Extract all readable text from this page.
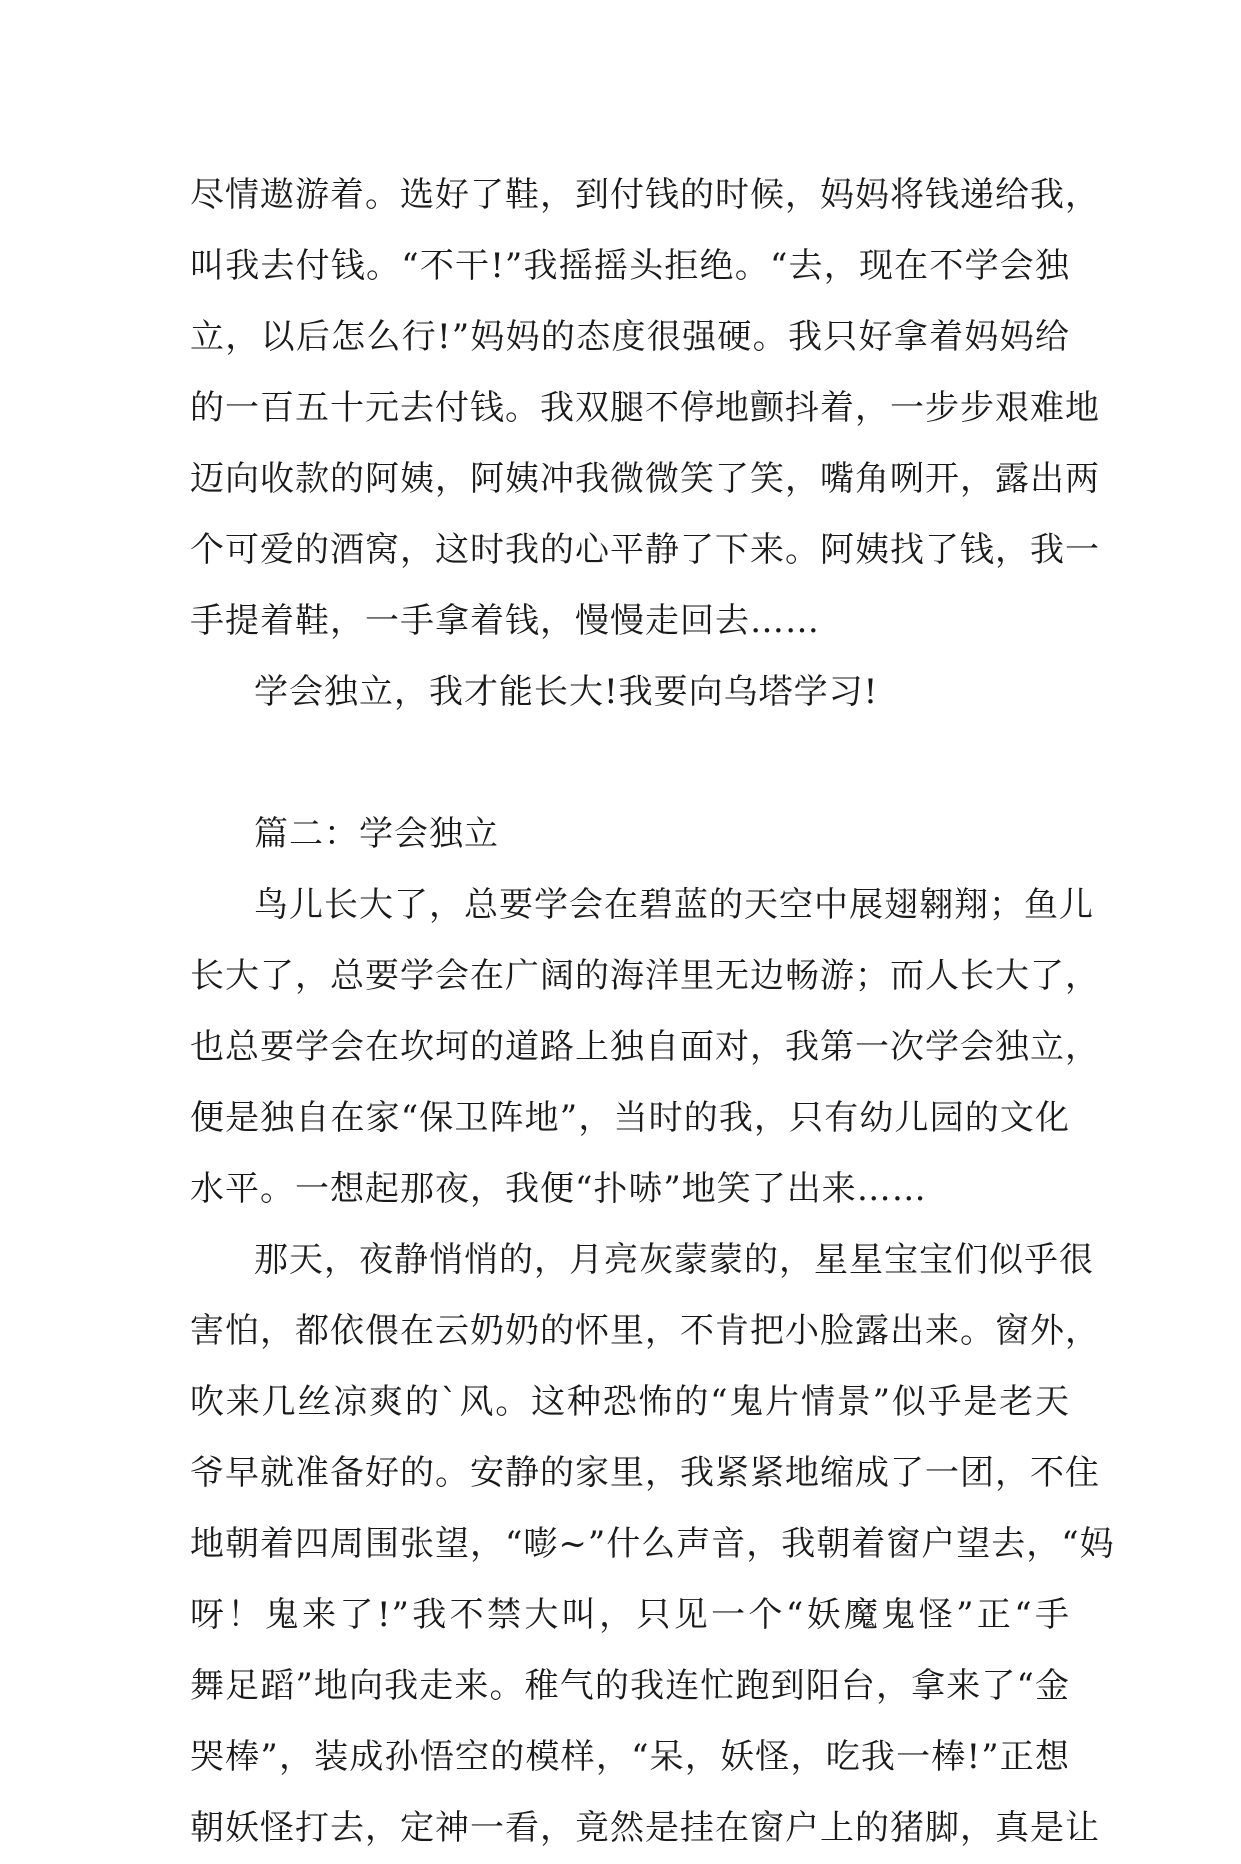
尽情遨游着。选好了鞋，到付钱的时候，妈妈将钱递给我，
叫我去付钱。“不干!”我摇摇头拒绝。“去，现在不学会独
立，以后怎么行!”妈妈的态度很强硬。我只好拿着妈妈给
的一百五十元去付钱。我双腿不停地颤抖着，一步步艰难地
迈向收款的阿姨，阿姨冲我微微笑了笑，嘴角咧开，露出两
个可爱的酒窝，这时我的心平静了下来。阿姨找了钱，我一
手提着鞋，一手拿着钱，慢慢走回去……
学会独立，我才能长大!我要向乌塔学习!
篇二：学会独立
鸟儿长大了，总要学会在碧蓝的天空中展翅翱翔；鱼儿
长大了，总要学会在广阔的海洋里无边畅游；而人长大了，
也总要学会在坎坷的道路上独自面对，我第一次学会独立，
便是独自在家“保卫阵地”，当时的我，只有幼儿园的文化
水平。一想起那夜，我便“扑哧”地笑了出来……
那天，夜静悄悄的，月亮灰蒙蒙的，星星宝宝们似乎很
害怕，都依偎在云奶奶的怀里，不肯把小脸露出来。窗外，
吹来几丝凉爽的`风。这种恐怖的“鬼片情景”似乎是老天
爷早就准备好的。安静的家里，我紧紧地缩成了一团，不住
地朝着四周围张望，“嘭~”什么声音，我朝着窗户望去，“妈
呀！鬼来了!”我不禁大叫，只见一个“妖魔鬼怪”正“手
舞足蹈”地向我走来。稚气的我连忙跑到阳台，拿来了“金
哭棒”，装成孙悟空的模样，“呆，妖怪，吃我一棒!”正想
朝妖怪打去，定神一看，竟然是挂在窗户上的猪脚，真是让
